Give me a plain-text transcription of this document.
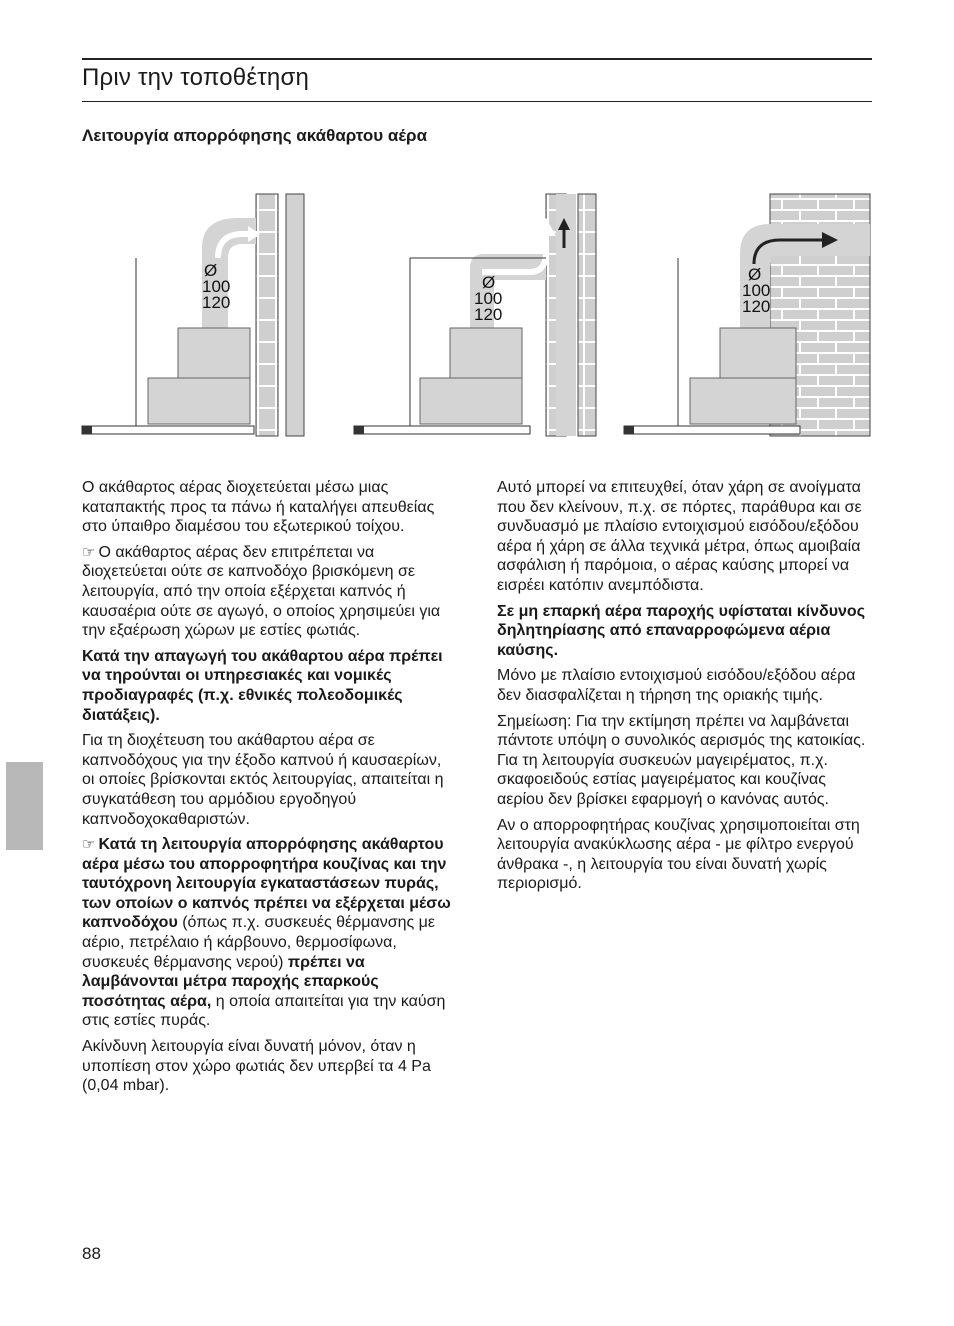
Πριν την τοποθέτηση
Λειτουργία απορρόφησης ακάθαρτου αέρα
Ø
100
120
Ø
100
120
Ø
100
120

Ο ακάθαρτος αέρας διοχετεύεται μέσω μιας καταπακτής προς τα πάνω ή καταλήγει απευθείας στο ύπαιθρο διαμέσου του εξωτερικού τοίχου.

☞ Ο ακάθαρτος αέρας δεν επιτρέπεται να διοχετεύεται ούτε σε καπνοδόχο βρισκόμενη σε λειτουργία, από την οποία εξέρχεται καπνός ή καυσαέρια ούτε σε αγωγό, ο οποίος χρησιμεύει για την εξαέρωση χώρων με εστίες φωτιάς.

Κατά την απαγωγή του ακάθαρτου αέρα πρέπει να τηρούνται οι υπηρεσιακές και νομικές προδιαγραφές (π.χ. εθνικές πολεοδομικές διατάξεις).

Για τη διοχέτευση του ακάθαρτου αέρα σε καπνοδόχους για την έξοδο καπνού ή καυσαερίων, οι οποίες βρίσκονται εκτός λειτουργίας, απαιτείται η συγκατάθεση του αρμόδιου εργοδηγού καπνοδοχοκαθαριστών.

☞ Κατά τη λειτουργία απορρόφησης ακάθαρτου αέρα μέσω του απορροφητήρα κουζίνας και την ταυτόχρονη λειτουργία εγκαταστάσεων πυράς, των οποίων ο καπνός πρέπει να εξέρχεται μέσω καπνοδόχου (όπως π.χ. συσκευές θέρμανσης με αέριο, πετρέλαιο ή κάρβουνο, θερμοσίφωνα, συσκευές θέρμανσης νερού) πρέπει να λαμβάνονται μέτρα παροχής επαρκούς ποσότητας αέρα, η οποία απαιτείται για την καύση στις εστίες πυράς.

Ακίνδυνη λειτουργία είναι δυνατή μόνον, όταν η υποπίεση στον χώρο φωτιάς δεν υπερβεί τα 4 Pa (0,04 mbar).

Αυτό μπορεί να επιτευχθεί, όταν χάρη σε ανοίγματα που δεν κλείνουν, π.χ. σε πόρτες, παράθυρα και σε συνδυασμό με πλαίσιο εντοιχισμού εισόδου/εξόδου αέρα ή χάρη σε άλλα τεχνικά μέτρα, όπως αμοιβαία ασφάλιση ή παρόμοια, ο αέρας καύσης μπορεί να εισρέει κατόπιν ανεμπόδιστα.

Σε μη επαρκή αέρα παροχής υφίσταται κίνδυνος δηλητηρίασης από επαναρροφώμενα αέρια καύσης.

Μόνο με πλαίσιο εντοιχισμού εισόδου/εξόδου αέρα δεν διασφαλίζεται η τήρηση της οριακής τιμής.

Σημείωση: Για την εκτίμηση πρέπει να λαμβάνεται πάντοτε υπόψη ο συνολικός αερισμός της κατοικίας. Για τη λειτουργία συσκευών μαγειρέματος, π.χ. σκαφοειδούς εστίας μαγειρέματος και κουζίνας αερίου δεν βρίσκει εφαρμογή ο κανόνας αυτός.

Αν ο απορροφητήρας κουζίνας χρησιμοποιείται στη λειτουργία ανακύκλωσης αέρα - με φίλτρο ενεργού άνθρακα -, η λειτουργία του είναι δυνατή χωρίς περιορισμό.

88
